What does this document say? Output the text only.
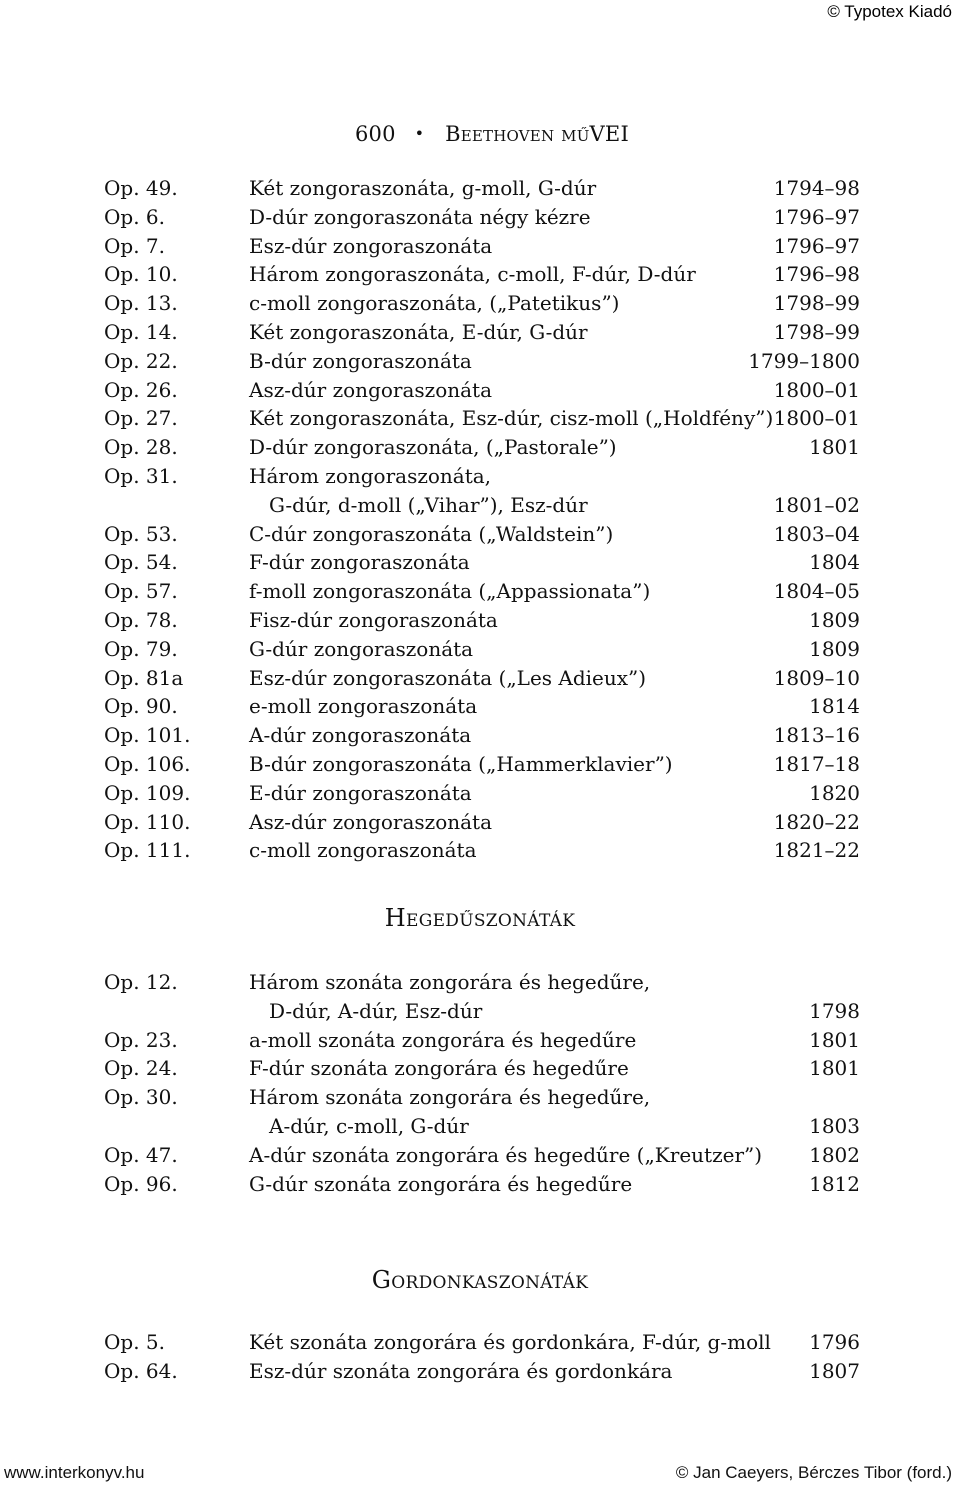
© Typotex Kiadó
600 • Beethoven műVEI
Op. 49.	Két zongoraszonáta, g-moll, G-dúr	1794–98
Op. 6.	D-dúr zongoraszonáta négy kézre	1796–97
Op. 7.	Esz-dúr zongoraszonáta	1796–97
Op. 10.	Három zongoraszonáta, c-moll, F-dúr, D-dúr	1796–98
Op. 13.	c-moll zongoraszonáta, („Patetikus”)	1798–99
Op. 14.	Két zongoraszonáta, E-dúr, G-dúr	1798–99
Op. 22.	B-dúr zongoraszonáta	1799–1800
Op. 26.	Asz-dúr zongoraszonáta	1800–01
Op. 27.	Két zongoraszonáta, Esz-dúr, cisz-moll („Holdfény”) 1800–01
Op. 28.	D-dúr zongoraszonáta, („Pastorale”)	1801
Op. 31.	Három zongoraszonáta,
G-dúr, d-moll („Vihar”), Esz-dúr	1801–02
Op. 53.	C-dúr zongoraszonáta („Waldstein”)	1803–04
Op. 54.	F-dúr zongoraszonáta	1804
Op. 57.	f-moll zongoraszonáta („Appassionata”)	1804–05
Op. 78.	Fisz-dúr zongoraszonáta	1809
Op. 79.	G-dúr zongoraszonáta	1809
Op. 81a	Esz-dúr zongoraszonáta („Les Adieux”)	1809–10
Op. 90.	e-moll zongoraszonáta	1814
Op. 101.	A-dúr zongoraszonáta	1813–16
Op. 106.	B-dúr zongoraszonáta („Hammerklavier”)	1817–18
Op. 109.	E-dúr zongoraszonáta	1820
Op. 110.	Asz-dúr zongoraszonáta	1820–22
Op. 111.	c-moll zongoraszonáta	1821–22
Hegedűszonáták
Op. 12.	Három szonáta zongorára és hegedűre,
D-dúr, A-dúr, Esz-dúr	1798
Op. 23.	a-moll szonáta zongorára és hegedűre	1801
Op. 24.	F-dúr szonáta zongorára és hegedűre	1801
Op. 30.	Három szonáta zongorára és hegedűre,
A-dúr, c-moll, G-dúr	1803
Op. 47.	A-dúr szonáta zongorára és hegedűre („Kreutzer”)	1802
Op. 96.	G-dúr szonáta zongorára és hegedűre	1812
Gordonkaszonáták
Op. 5.	Két szonáta zongorára és gordonkára, F-dúr, g-moll	1796
Op. 64.	Esz-dúr szonáta zongorára és gordonkára	1807
www.interkonyv.hu	© Jan Caeyers, Bérczes Tibor (ford.)
